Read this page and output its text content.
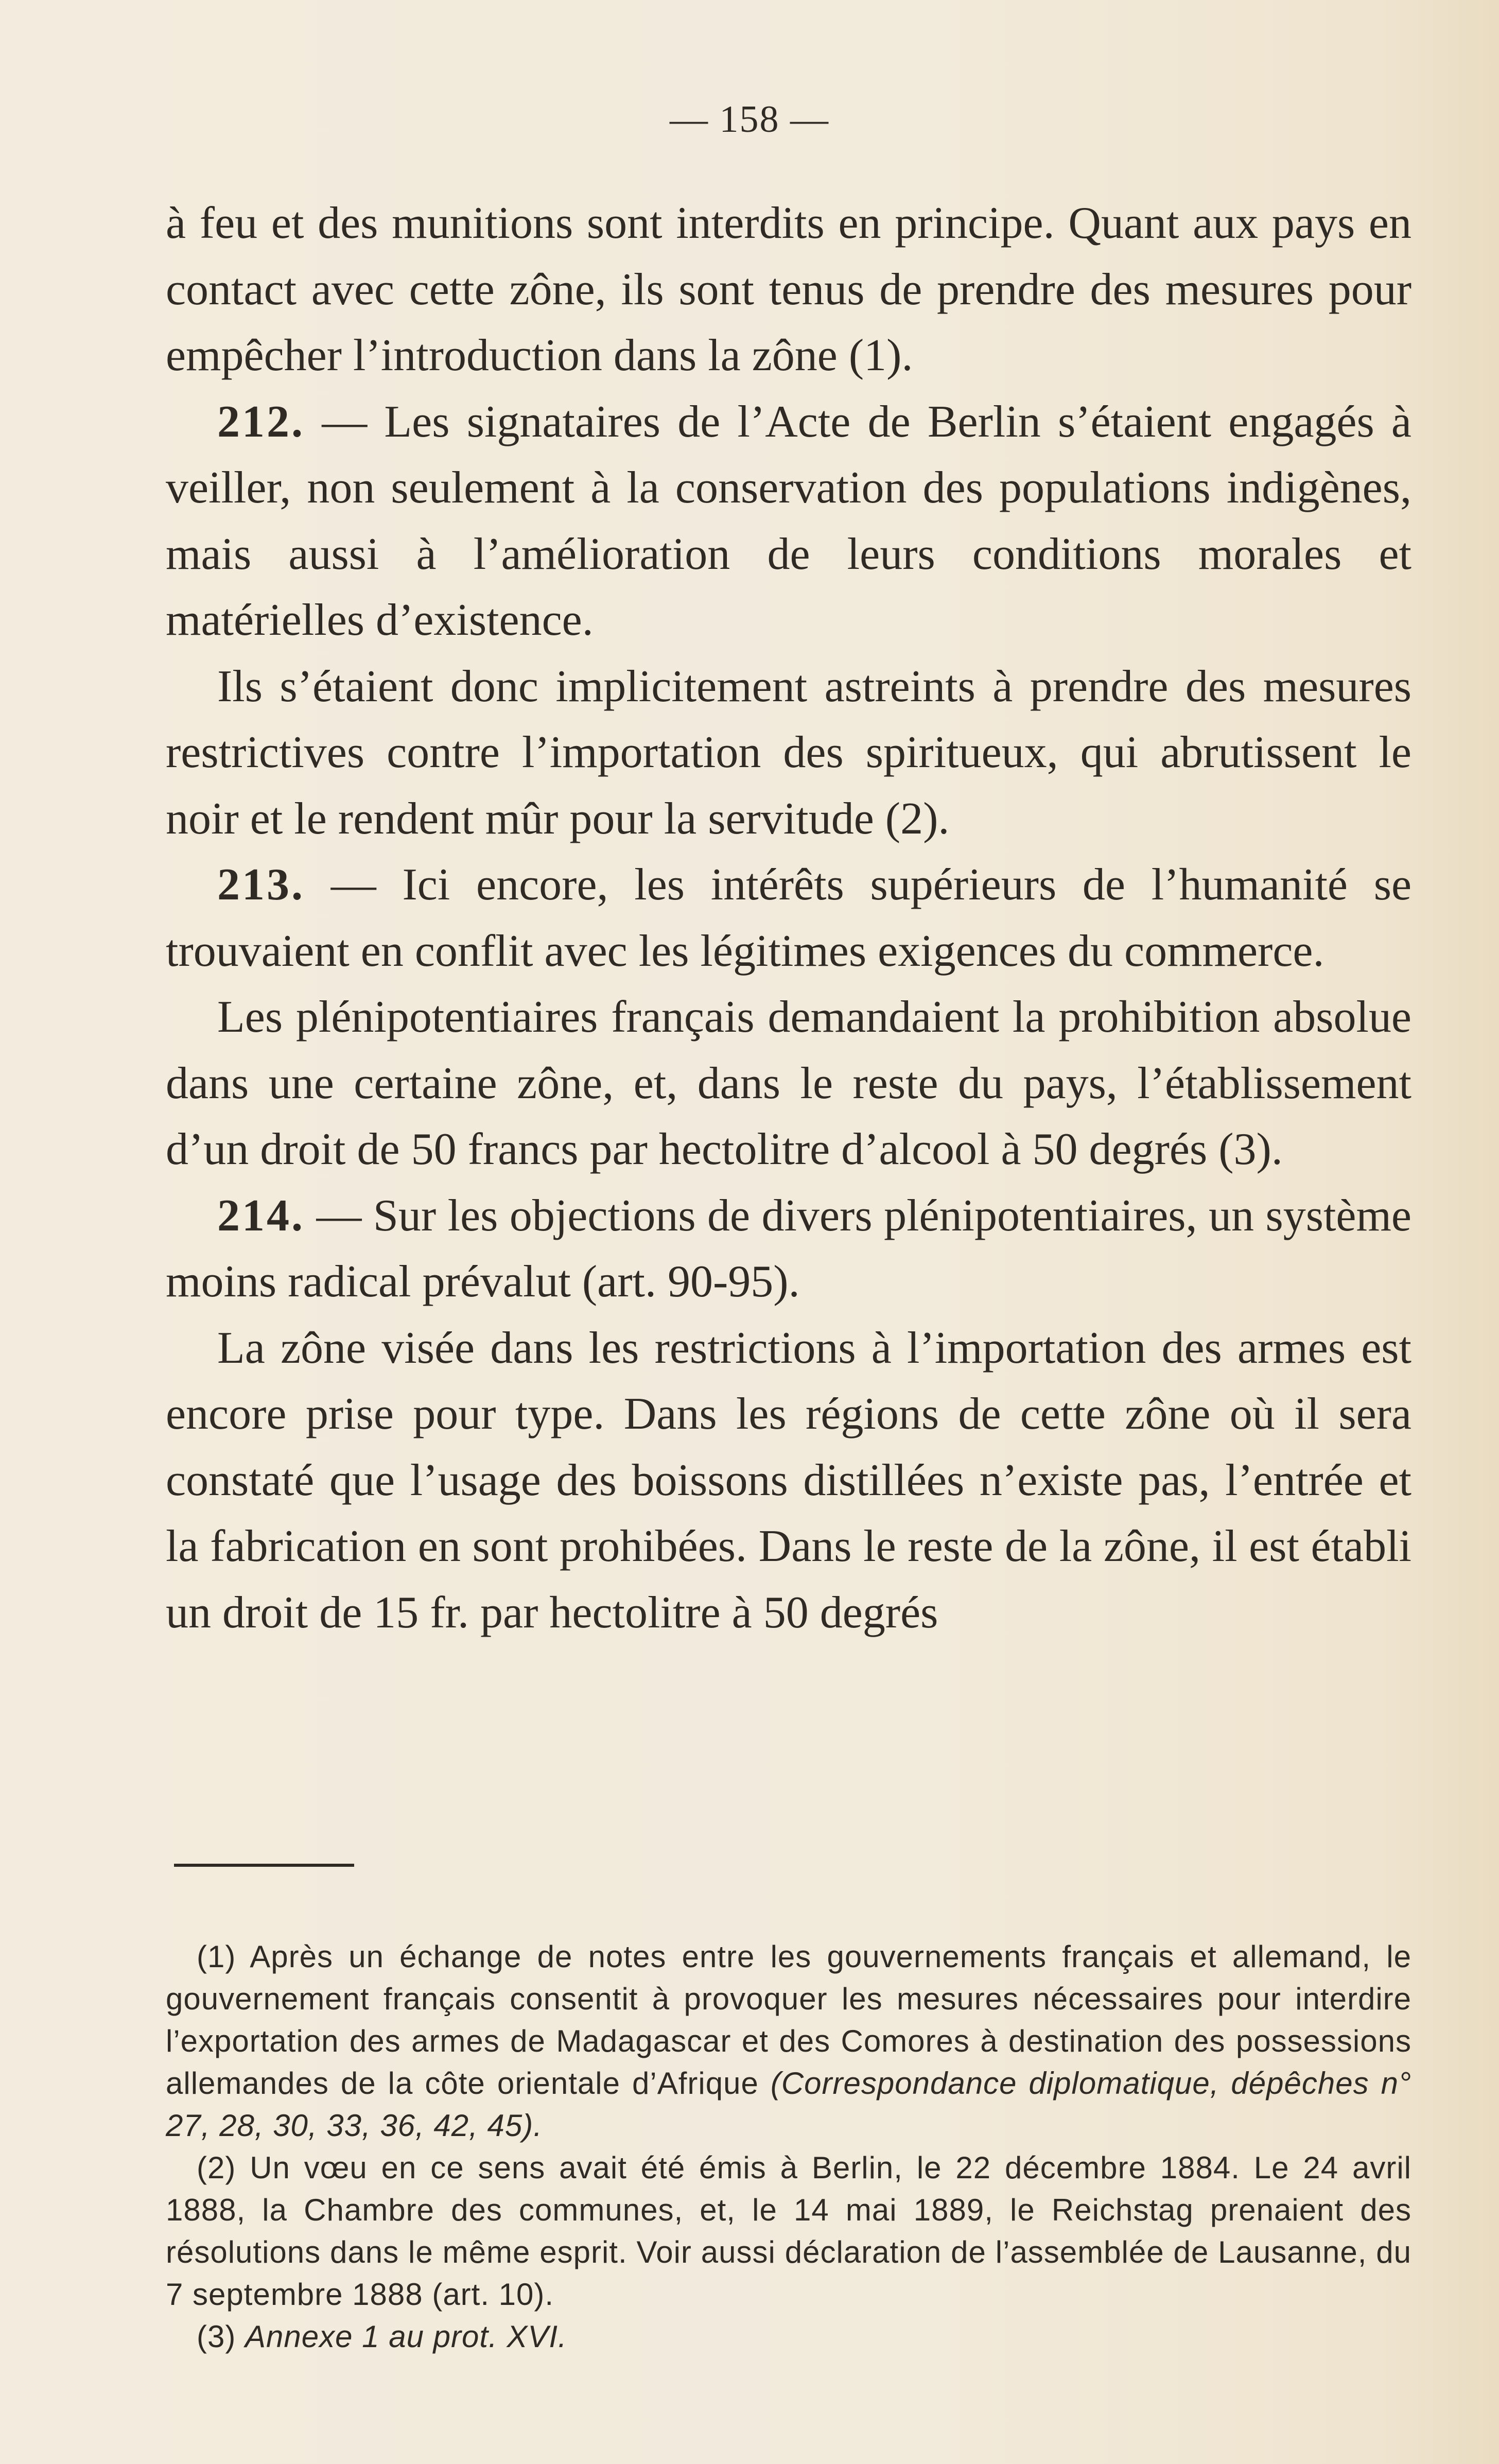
— 158 —

à feu et des munitions sont interdits en principe. Quant aux pays en contact avec cette zône, ils sont tenus de prendre des mesures pour empêcher l’introduction dans la zône (1).

212. — Les signataires de l’Acte de Berlin s’étaient engagés à veiller, non seulement à la conservation des populations indigènes, mais aussi à l’amélioration de leurs conditions morales et matérielles d’existence.

Ils s’étaient donc implicitement astreints à prendre des mesures restrictives contre l’importation des spiritueux, qui abrutissent le noir et le rendent mûr pour la servitude (2).

213. — Ici encore, les intérêts supérieurs de l’humanité se trouvaient en conflit avec les légitimes exigences du commerce.

Les plénipotentiaires français demandaient la prohibition absolue dans une certaine zône, et, dans le reste du pays, l’établissement d’un droit de 50 francs par hectolitre d’alcool à 50 degrés (3).

214. — Sur les objections de divers plénipotentiaires, un système moins radical prévalut (art. 90-95).

La zône visée dans les restrictions à l’importation des armes est encore prise pour type. Dans les régions de cette zône où il sera constaté que l’usage des boissons distillées n’existe pas, l’entrée et la fabrication en sont prohibées. Dans le reste de la zône, il est établi un droit de 15 fr. par hectolitre à 50 degrés

(1) Après un échange de notes entre les gouvernements français et allemand, le gouvernement français consentit à provoquer les mesures nécessaires pour interdire l’exportation des armes de Madagascar et des Comores à destination des possessions allemandes de la côte orientale d’Afrique (Correspondance diplomatique, dépêches n° 27, 28, 30, 33, 36, 42, 45).

(2) Un vœu en ce sens avait été émis à Berlin, le 22 décembre 1884. Le 24 avril 1888, la Chambre des communes, et, le 14 mai 1889, le Reichstag prenaient des résolutions dans le même esprit. Voir aussi déclaration de l’assemblée de Lausanne, du 7 septembre 1888 (art. 10).

(3) Annexe 1 au prot. XVI.
